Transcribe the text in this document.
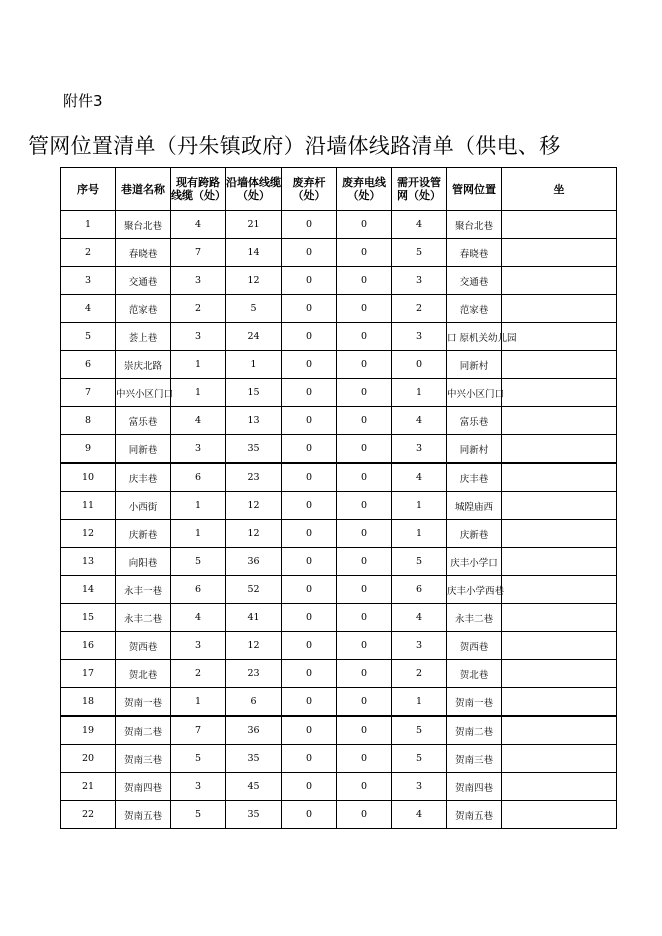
附件3
管网位置清单（丹朱镇政府）沿墙体线路清单（供电、移
序号	巷道名称	现有跨路线缆（处）	沿墙体线缆（处）	废弃杆（处）	废弃电线（处）	需开设管网（处）	管网位置	坐

1	聚台北巷	4	21	0	0	4	聚台北巷	

2	春晓巷	7	14	0	0	5	春晓巷	

3	交通巷	3	12	0	0	3	交通巷	

4	范家巷	2	5	0	0	2	范家巷	

5	荟上巷	3	24	0	0	3	口 原机关幼儿园	

6	崇庆北路	1	1	0	0	0	同新村	

7	中兴小区门口	1	15	0	0	1	中兴小区门口	

8	富乐巷	4	13	0	0	4	富乐巷	

9	同新巷	3	35	0	0	3	同新村	

10	庆丰巷	6	23	0	0	4	庆丰巷	

11	小西街	1	12	0	0	1	城隍庙西	

12	庆新巷	1	12	0	0	1	庆新巷	

13	向阳巷	5	36	0	0	5	庆丰小学口	

14	永丰一巷	6	52	0	0	6	庆丰小学西巷	

15	永丰二巷	4	41	0	0	4	永丰二巷	

16	贺西巷	3	12	0	0	3	贺西巷	

17	贺北巷	2	23	0	0	2	贺北巷	

18	贺南一巷	1	6	0	0	1	贺南一巷	

19	贺南二巷	7	36	0	0	5	贺南二巷	

20	贺南三巷	5	35	0	0	5	贺南三巷	

21	贺南四巷	3	45	0	0	3	贺南四巷	

22	贺南五巷	5	35	0	0	4	贺南五巷	
